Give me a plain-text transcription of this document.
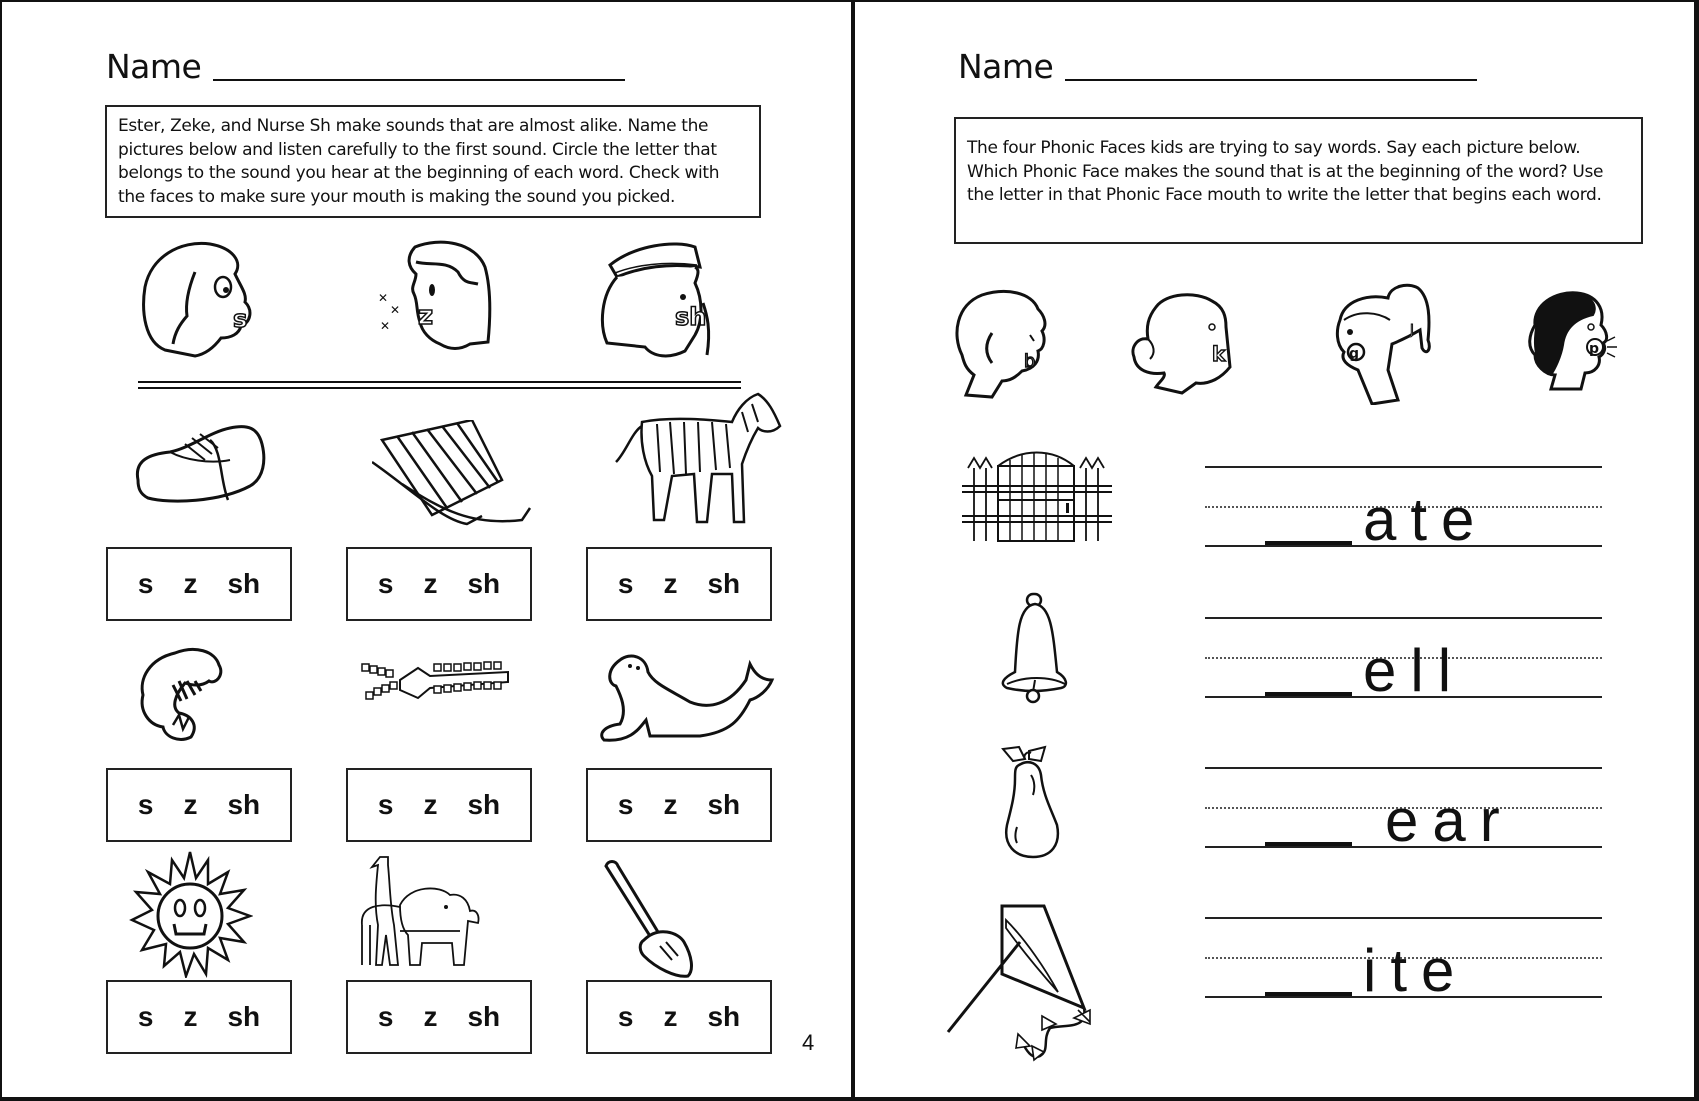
Name
Ester, Zeke, and Nurse Sh make sounds that are almost alike. Name the pictures below and listen carefully to the first sound. Circle the letter that belongs to the sound you hear at the beginning of each word. Check with the faces to make sure your mouth is making the sound you picked.
s	z
✕
✕
✕	sh
s z sh	s z sh	s z sh
s z sh	s z sh	s z sh
s z sh	s z sh	s z sh
4
Name
The four Phonic Faces kids are trying to say words. Say each picture below. Which Phonic Face makes the sound that is at the beginning of the word? Use the letter in that Phonic Face mouth to write the letter that begins each word.
b	k	g
J
p
ate
ell
ear
ite
